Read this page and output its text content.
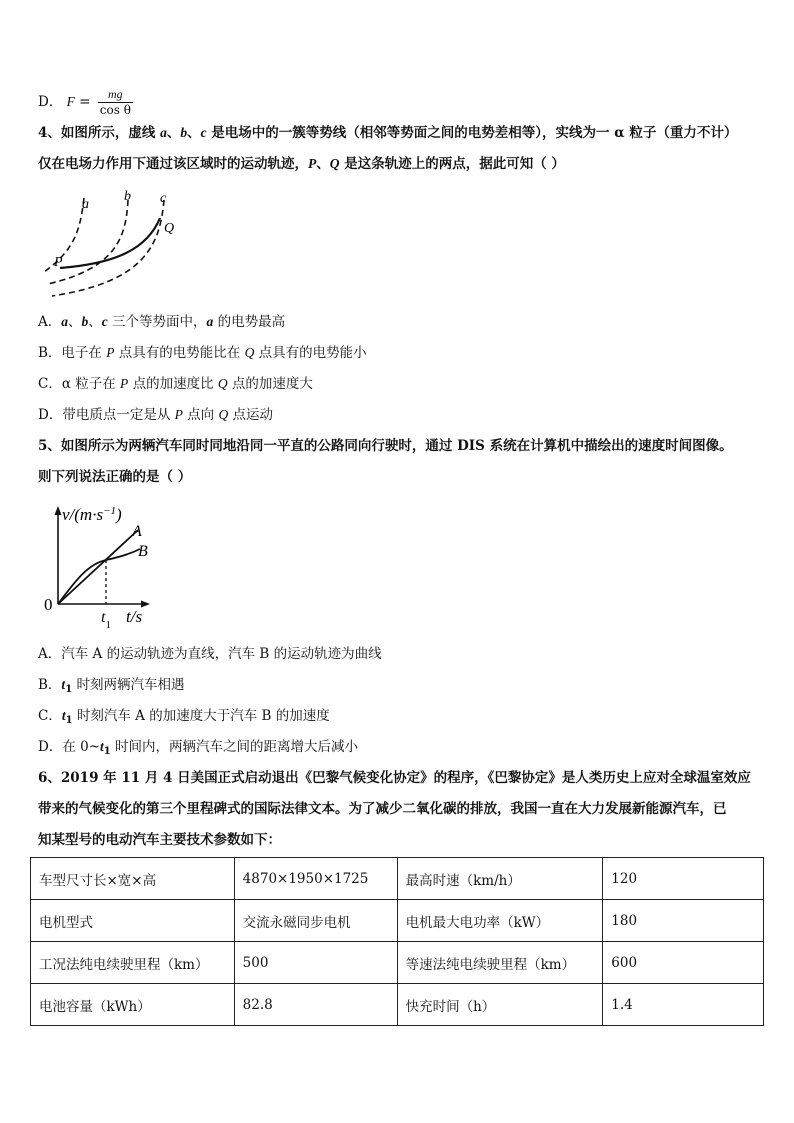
D． $F = \frac{mg}{\text{cos θ}}$
4、如图所示，虚线 a、b、c 是电场中的一簇等势线（相邻等势面之间的电势差相等），实线为一 α 粒子（重力不计）
仅在电场力作用下通过该区域时的运动轨迹，P、Q 是这条轨迹上的两点，据此可知（ ）
a
b c
P
Q
A．a、b、c 三个等势面中，a 的电势最高
B．电子在 P 点具有的电势能比在 Q 点具有的电势能小
C．α 粒子在 P 点的加速度比 Q 点的加速度大
D．带电质点一定是从 P 点向 Q 点运动
5、如图所示为两辆汽车同时同地沿同一平直的公路同向行驶时，通过 DIS 系统在计算机中描绘出的速度时间图像。
则下列说法正确的是（ ）
$v/(m\cdot s^{-1})$
A
B
0
$t_1$ t/s
A．汽车 A 的运动轨迹为直线，汽车 B 的运动轨迹为曲线
B．$t_1$ 时刻两辆汽车相遇
C．$t_1$ 时刻汽车 A 的加速度大于汽车 B 的加速度
D．在 $0\sim t_1$ 时间内，两辆汽车之间的距离增大后减小
6、2019 年 11 月 4 日美国正式启动退出《巴黎气候变化协定》的程序，《巴黎协定》是人类历史上应对全球温室效应
带来的气候变化的第三个里程碑式的国际法律文本。为了减少二氧化碳的排放，我国一直在大力发展新能源汽车，已
知某型号的电动汽车主要技术参数如下：
车型尺寸长×宽×高	4870×1950×1725	最高时速（km/h）	120
电机型式	交流永磁同步电机	电机最大电功率（kW）	180
工况法纯电续驶里程（km）	500	等速法纯电续驶里程（km）	600
电池容量（kWh）	82.8	快充时间（h）	1.4
